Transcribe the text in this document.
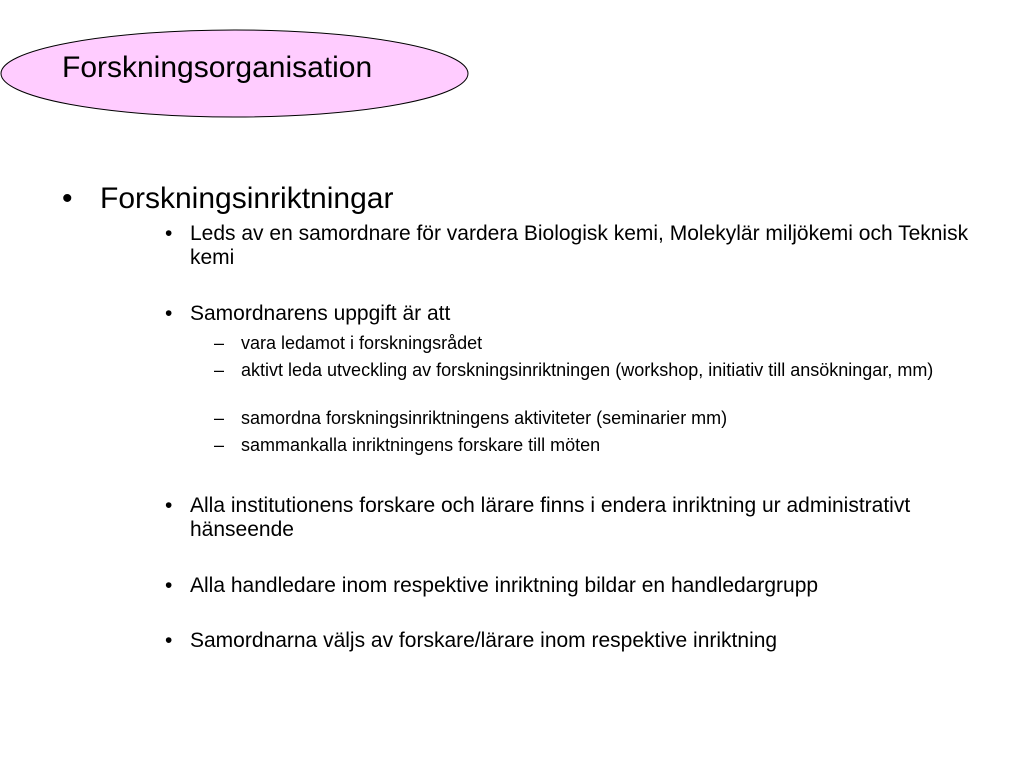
Forskningsorganisation
• Forskningsinriktningar
• Leds av en samordnare för vardera Biologisk kemi, Molekylär miljökemi och Teknisk kemi
• Samordnarens uppgift är att
– vara ledamot i forskningsrådet
– aktivt leda utveckling av forskningsinriktningen (workshop, initiativ till ansökningar, mm)
– samordna forskningsinriktningens aktiviteter (seminarier mm)
– sammankalla inriktningens forskare till möten
• Alla institutionens forskare och lärare finns i endera inriktning ur administrativt hänseende
• Alla handledare inom respektive inriktning bildar en handledargrupp
• Samordnarna väljs av forskare/lärare inom respektive inriktning
